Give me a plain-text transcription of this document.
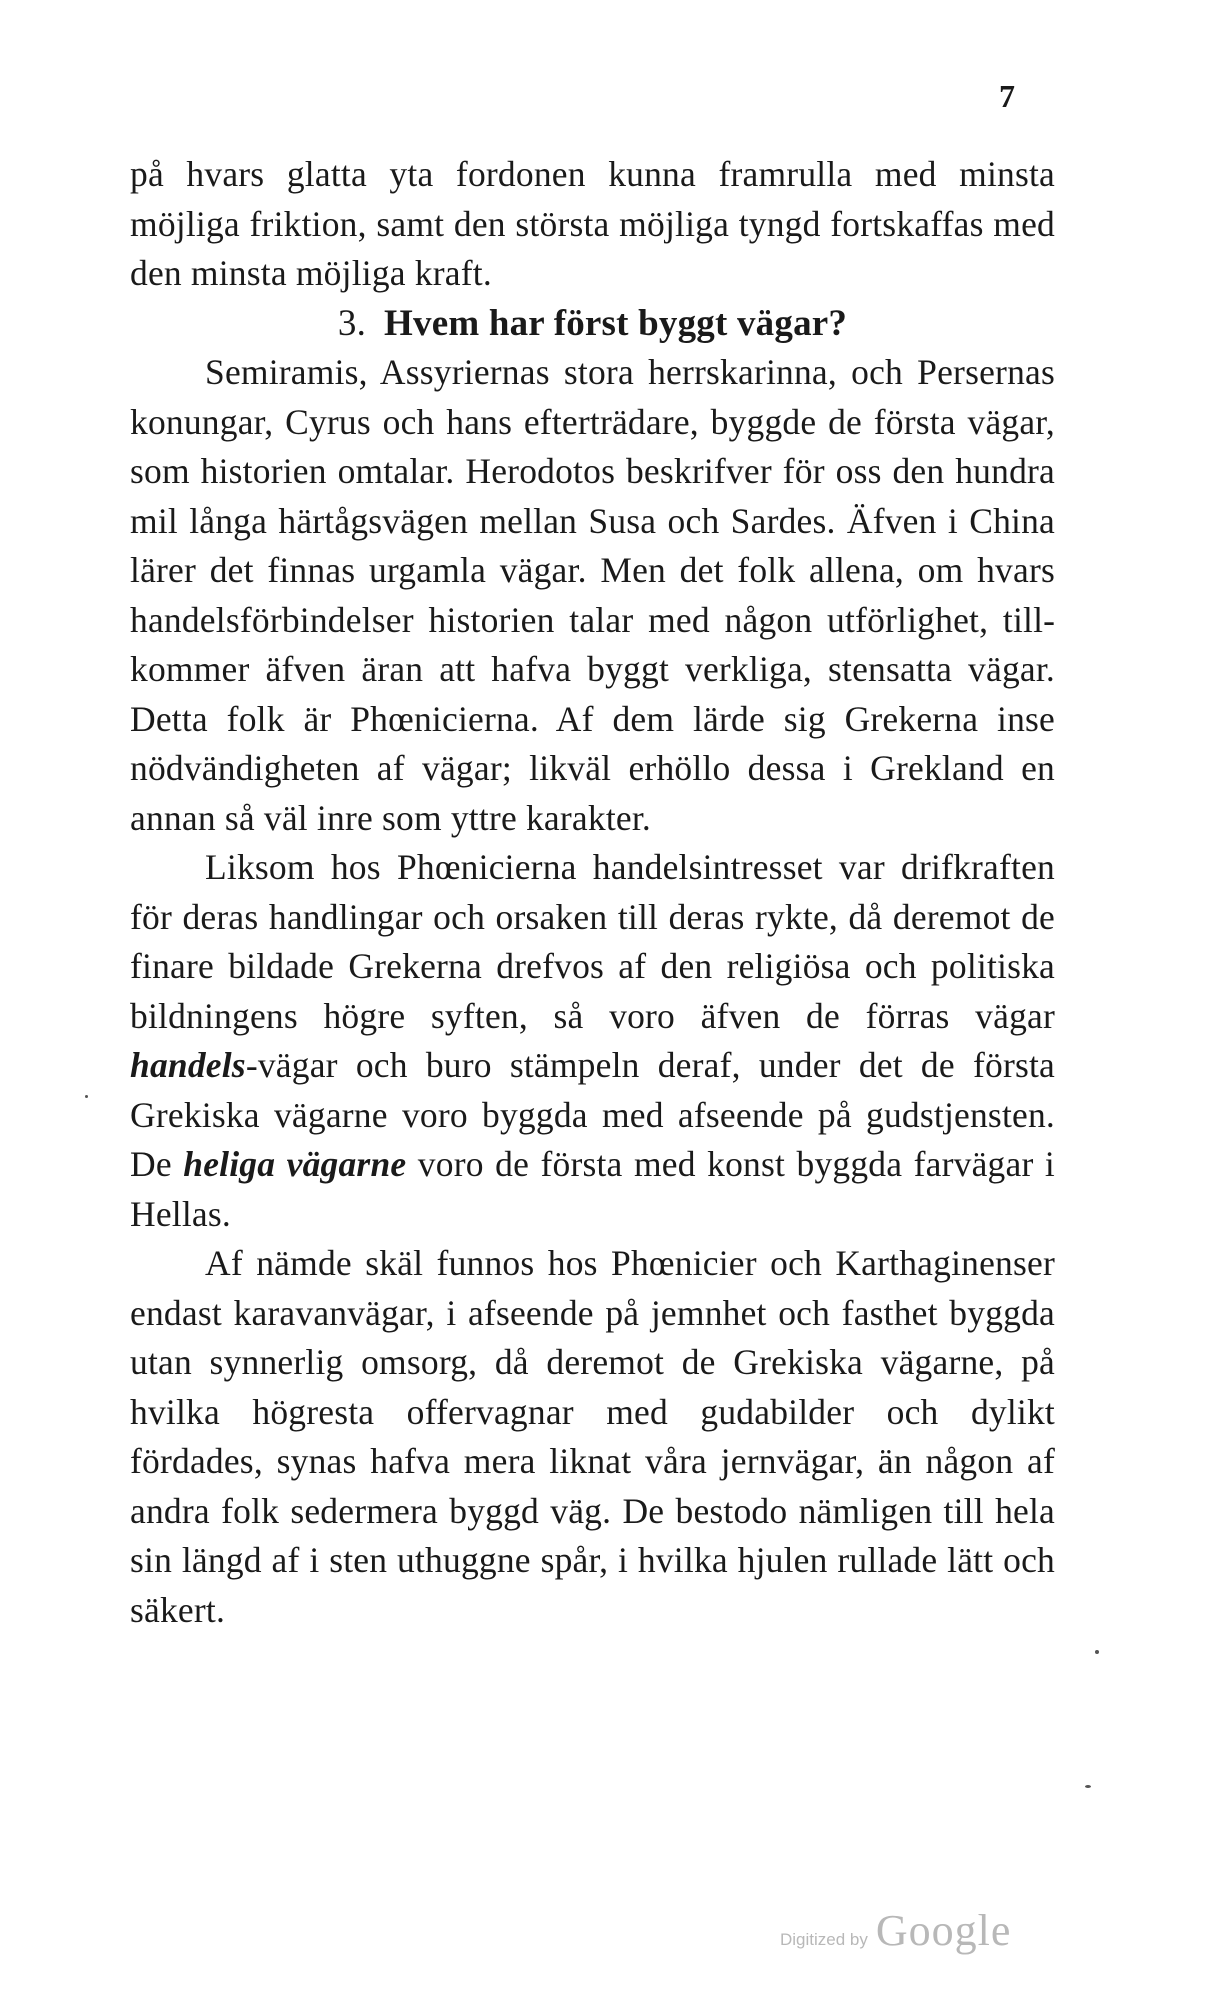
7

på hvars glatta yta fordonen kunna framrulla med minsta möjliga friktion, samt den största möjliga tyngd fortskaffas med den minsta möjliga kraft.

3. Hvem har först byggt vägar?

Semiramis, Assyriernas stora herrskarinna, och Persernas konungar, Cyrus och hans efterträdare, byggde de första vägar, som historien omtalar. Herodotos beskrifver för oss den hundra mil långa härtågsvägen mellan Susa och Sardes. Äfven i China lärer det finnas urgamla vägar. Men det folk allena, om hvars handelsförbindelser historien talar med någon utförlighet, tillkommer äfven äran att hafva byggt verkliga, stensatta vägar. Detta folk är Phœnicierna. Af dem lärde sig Grekerna inse nödvändigheten af vägar; likväl erhöllo dessa i Grekland en annan så väl inre som yttre karakter.

Liksom hos Phœnicierna handelsintresset var drifkraften för deras handlingar och orsaken till deras rykte, då deremot de finare bildade Grekerna drefvos af den religiösa och politiska bildningens högre syften, så voro äfven de förras vägar handels-vägar och buro stämpeln deraf, under det de första Grekiska vägarne voro byggda med afseende på gudstjensten. De heliga vägarne voro de första med konst byggda farvägar i Hellas.

Af nämde skäl funnos hos Phœnicier och Karthaginenser endast karavanvägar, i afseende på jemnhet och fasthet byggda utan synnerlig omsorg, då deremot de Grekiska vägarne, på hvilka högresta offervagnar med gudabilder och dylikt fördades, synas hafva mera liknat våra jernvägar, än någon af andra folk sedermera byggd väg. De bestodo nämligen till hela sin längd af i sten uthuggne spår, i hvilka hjulen rullade lätt och säkert.

Digitized by Google
